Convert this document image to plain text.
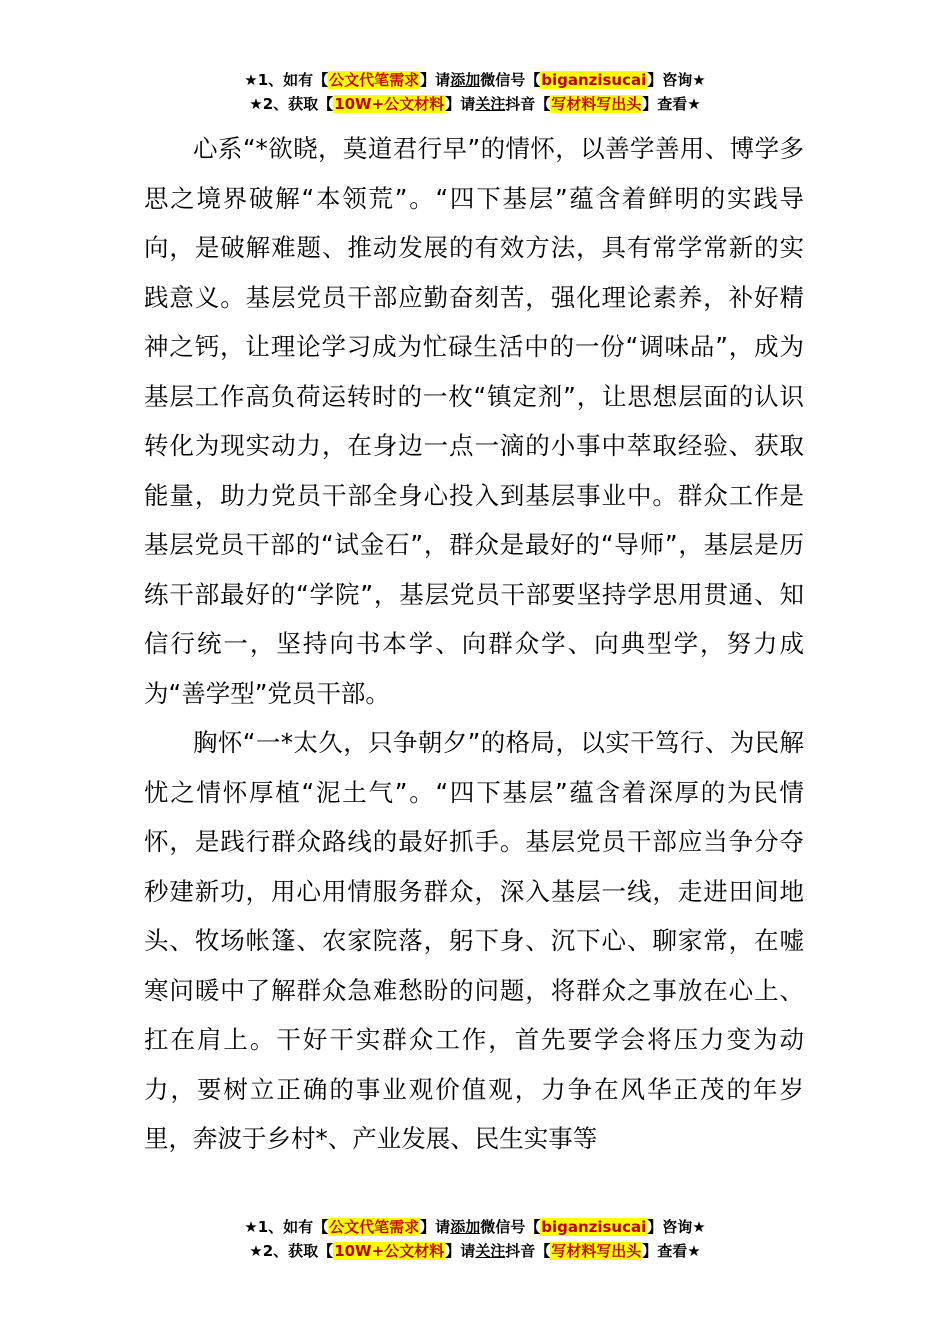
★1、如有【公文代笔需求】请添加微信号【biganzisucai】咨询★
★2、获取【10W+公文材料】请关注抖音【写材料写出头】查看★

心系“*欲晓，莫道君行早”的情怀，以善学善用、博学多思之境界破解“本领荒”。“四下基层”蕴含着鲜明的实践导向，是破解难题、推动发展的有效方法，具有常学常新的实践意义。基层党员干部应勤奋刻苦，强化理论素养，补好精神之钙，让理论学习成为忙碌生活中的一份“调味品”，成为基层工作高负荷运转时的一枚“镇定剂”，让思想层面的认识转化为现实动力，在身边一点一滴的小事中萃取经验、获取能量，助力党员干部全身心投入到基层事业中。群众工作是基层党员干部的“试金石”，群众是最好的“导师”，基层是历练干部最好的“学院”，基层党员干部要坚持学思用贯通、知信行统一，坚持向书本学、向群众学、向典型学，努力成为“善学型”党员干部。

胸怀“一*太久，只争朝夕”的格局，以实干笃行、为民解忧之情怀厚植“泥土气”。“四下基层”蕴含着深厚的为民情怀，是践行群众路线的最好抓手。基层党员干部应当争分夺秒建新功，用心用情服务群众，深入基层一线，走进田间地头、牧场帐篷、农家院落，躬下身、沉下心、聊家常，在嘘寒问暖中了解群众急难愁盼的问题，将群众之事放在心上、扛在肩上。干好干实群众工作，首先要学会将压力变为动力，要树立正确的事业观价值观，力争在风华正茂的年岁里，奔波于乡村*、产业发展、民生实事等

★1、如有【公文代笔需求】请添加微信号【biganzisucai】咨询★
★2、获取【10W+公文材料】请关注抖音【写材料写出头】查看★
